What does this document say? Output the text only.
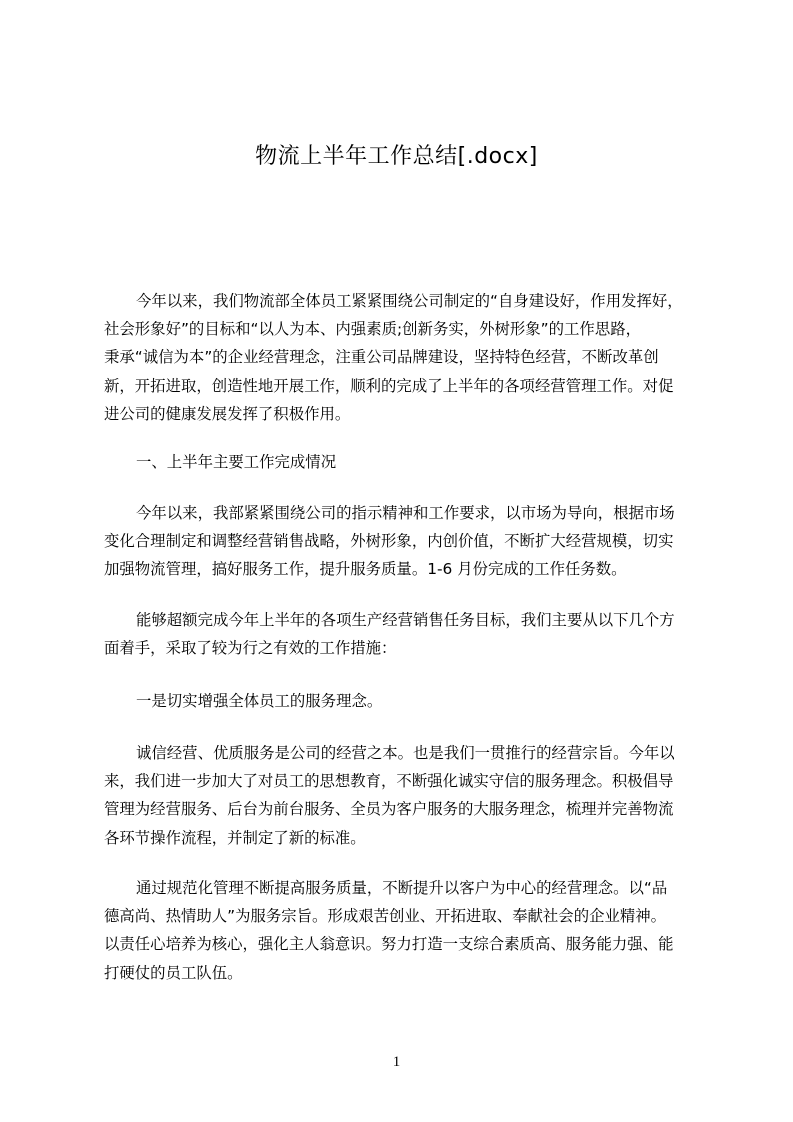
物流上半年工作总结[.docx]

今年以来，我们物流部全体员工紧紧围绕公司制定的“自身建设好，作用发挥好，
社会形象好”的目标和“以人为本、内强素质;创新务实，外树形象”的工作思路，
秉承“诚信为本”的企业经营理念，注重公司品牌建设，坚持特色经营，不断改革创
新，开拓进取，创造性地开展工作，顺利的完成了上半年的各项经营管理工作。对促
进公司的健康发展发挥了积极作用。

一、上半年主要工作完成情况

今年以来，我部紧紧围绕公司的指示精神和工作要求，以市场为导向，根据市场
变化合理制定和调整经营销售战略，外树形象，内创价值，不断扩大经营规模，切实
加强物流管理，搞好服务工作，提升服务质量。1-6 月份完成的工作任务数。

能够超额完成今年上半年的各项生产经营销售任务目标，我们主要从以下几个方
面着手，采取了较为行之有效的工作措施：

一是切实增强全体员工的服务理念。

诚信经营、优质服务是公司的经营之本。也是我们一贯推行的经营宗旨。今年以
来，我们进一步加大了对员工的思想教育，不断强化诚实守信的服务理念。积极倡导
管理为经营服务、后台为前台服务、全员为客户服务的大服务理念，梳理并完善物流
各环节操作流程，并制定了新的标准。

通过规范化管理不断提高服务质量，不断提升以客户为中心的经营理念。以“品
德高尚、热情助人”为服务宗旨。形成艰苦创业、开拓进取、奉献社会的企业精神。
以责任心培养为核心，强化主人翁意识。努力打造一支综合素质高、服务能力强、能
打硬仗的员工队伍。

1
